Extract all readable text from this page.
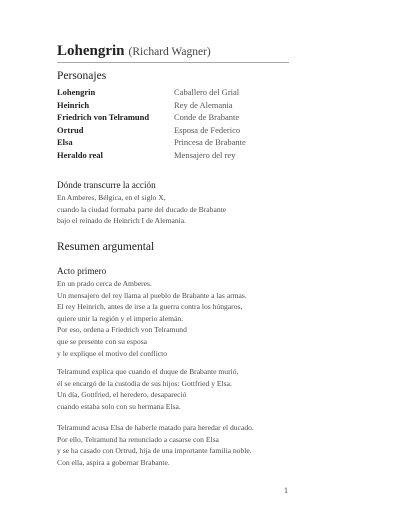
Lohengrin (Richard Wagner)
Personajes
Lohengrin	Caballero del Grial
Heinrich	Rey de Alemania
Friedrich von Telramund	Conde de Brabante
Ortrud	Esposa de Federico
Elsa	Princesa de Brabante
Heraldo real	Mensajero del rey
Dónde transcurre la acción
En Amberes, Bélgica, en el siglo X,
cuando la ciudad formaba parte del ducado de Brabante
bajo el reinado de Heinrich I de Alemania.
Resumen argumental
Acto primero
En un prado cerca de Amberes.
Un mensajero del rey llama al pueblo de Brabante a las armas.
El rey Heinrich, antes de irse a la guerra contra los húngaros,
quiere unir la región y el imperio alemán.
Por eso, ordena a Friedrich von Telramund
que se presente con su esposa
y le explique el motivo del conflicto
Telramund explica que cuando el duque de Brabante murió,
él se encargó de la custodia de sus hijos: Gottfried y Elsa.
Un día, Gottfried, el heredero, desapareció
cuando estaba solo con su hermana Elsa.
Telramund acusa Elsa de haberle matado para heredar el ducado.
Por ello, Telramund ha renunciado a casarse con Elsa
y se ha casado con Ortrud, hija de una importante familia noble.
Con ella, aspira a gobernar Brabante.
1
